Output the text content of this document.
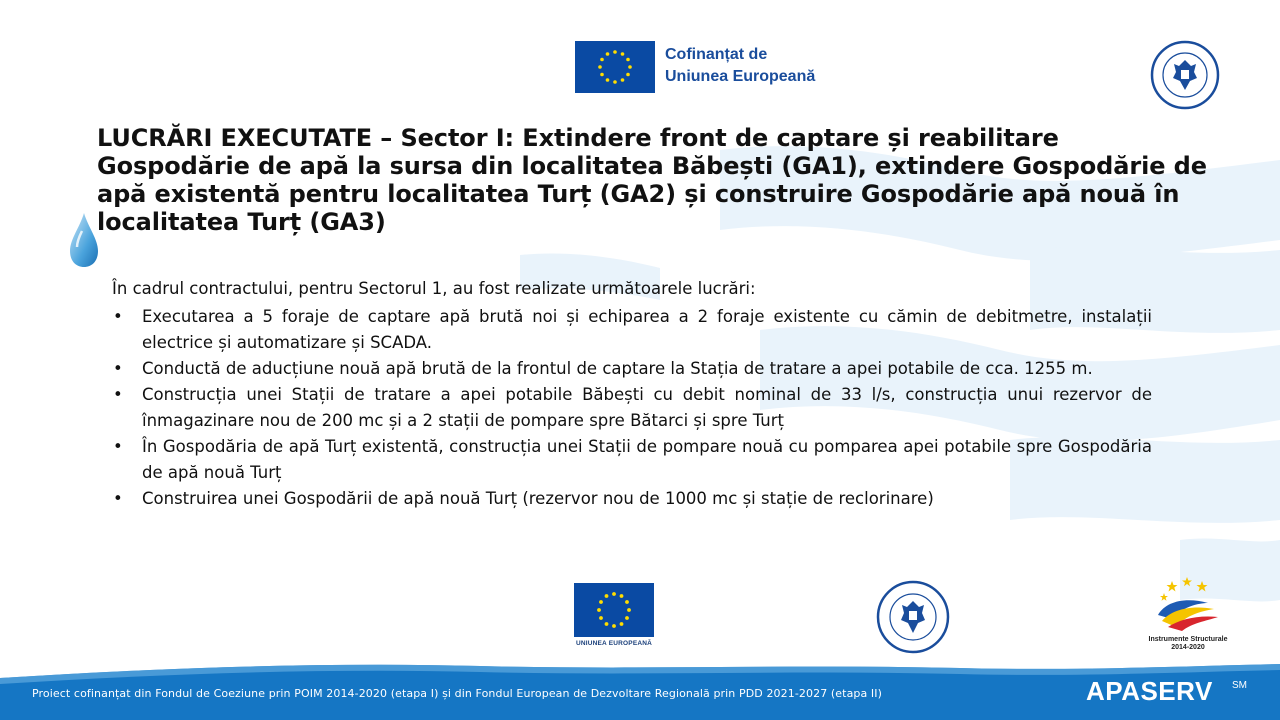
Cofinanțat de
Uniunea Europeană
LUCRĂRI EXECUTATE – Sector I: Extindere front de captare și reabilitare Gospodărie de apă la sursa din localitatea Băbești (GA1), extindere Gospodărie de apă existentă pentru localitatea Turț (GA2) și construire Gospodărie apă nouă în localitatea Turț (GA3)

În cadrul contractului, pentru Sectorul 1, au fost realizate următoarele lucrări:

• Executarea a 5 foraje de captare apă brută noi și echiparea a 2 foraje existente cu cămin de debitmetre, instalații electrice și automatizare și SCADA.
• Conductă de aducțiune nouă apă brută de la frontul de captare la Stația de tratare a apei potabile de cca. 1255 m.
• Construcția unei Stații de tratare a apei potabile Băbești cu debit nominal de 33 l/s, construcția unui rezervor de înmagazinare nou de 200 mc și a 2 stații de pompare spre Bătarci și spre Turț
• În Gospodăria de apă Turț existentă, construcția unei Stații de pompare nouă cu pomparea apei potabile spre Gospodăria de apă nouă Turț
• Construirea unei Gospodării de apă nouă Turț (rezervor nou de 1000 mc și stație de reclorinare)
UNIUNEA EUROPEANĂ
Instrumente Structurale
2014-2020
Proiect cofinanțat din Fondul de Coeziune prin POIM 2014-2020 (etapa I) și din Fondul European de Dezvoltare Regională prin PDD 2021-2027 (etapa II)	APASERV SM
